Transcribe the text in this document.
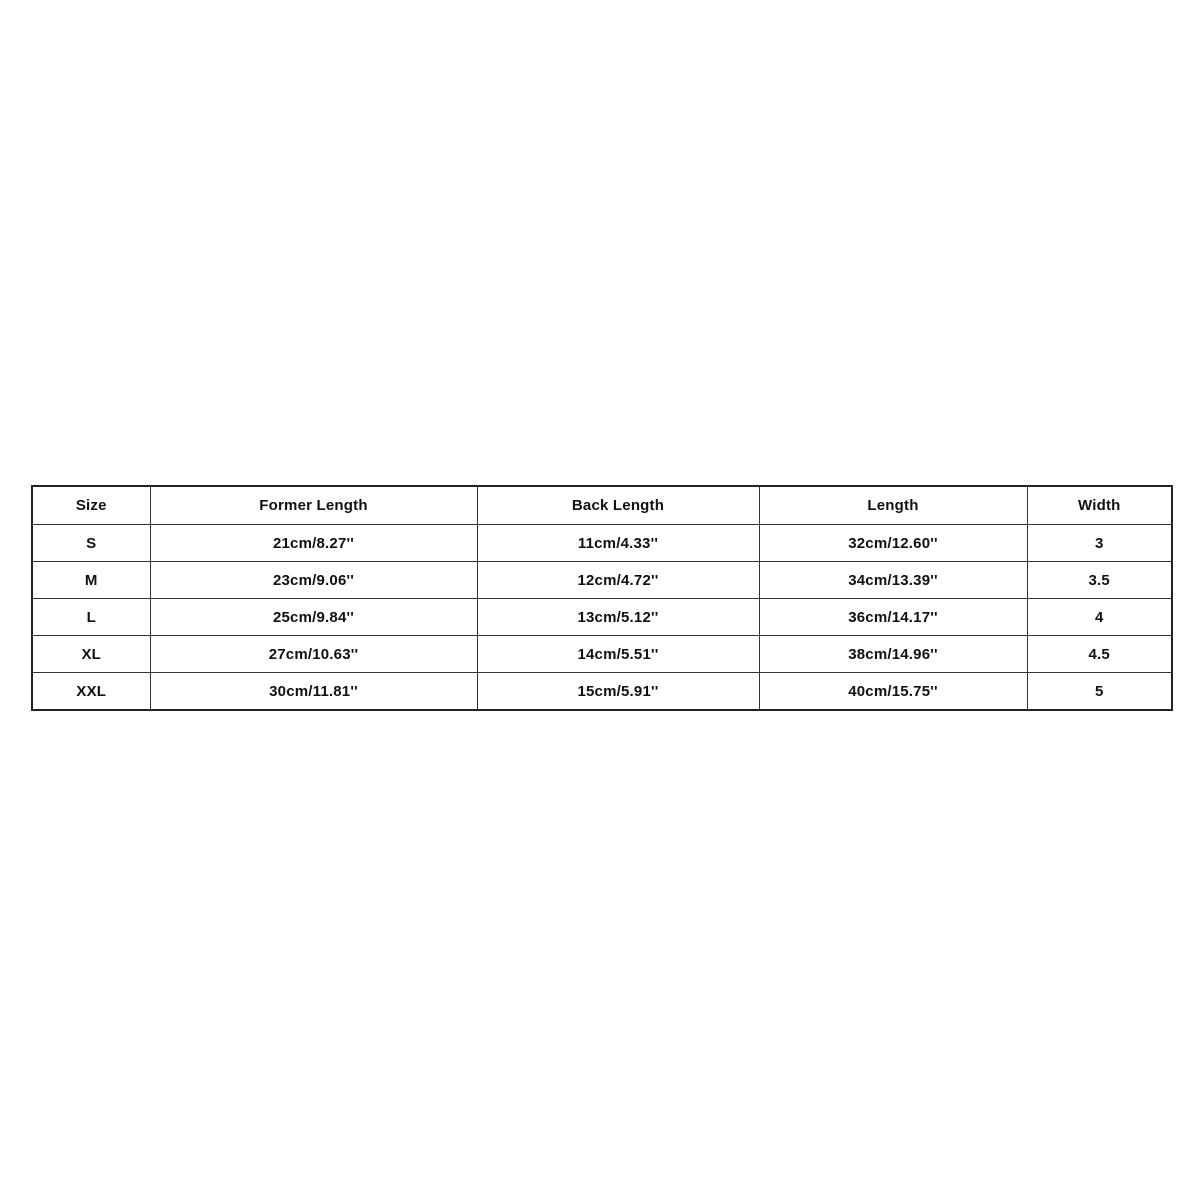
Size	Former Length	Back Length	Length	Width
S	21cm/8.27''	11cm/4.33''	32cm/12.60''	3
M	23cm/9.06''	12cm/4.72''	34cm/13.39''	3.5
L	25cm/9.84''	13cm/5.12''	36cm/14.17''	4
XL	27cm/10.63''	14cm/5.51''	38cm/14.96''	4.5
XXL	30cm/11.81''	15cm/5.91''	40cm/15.75''	5
